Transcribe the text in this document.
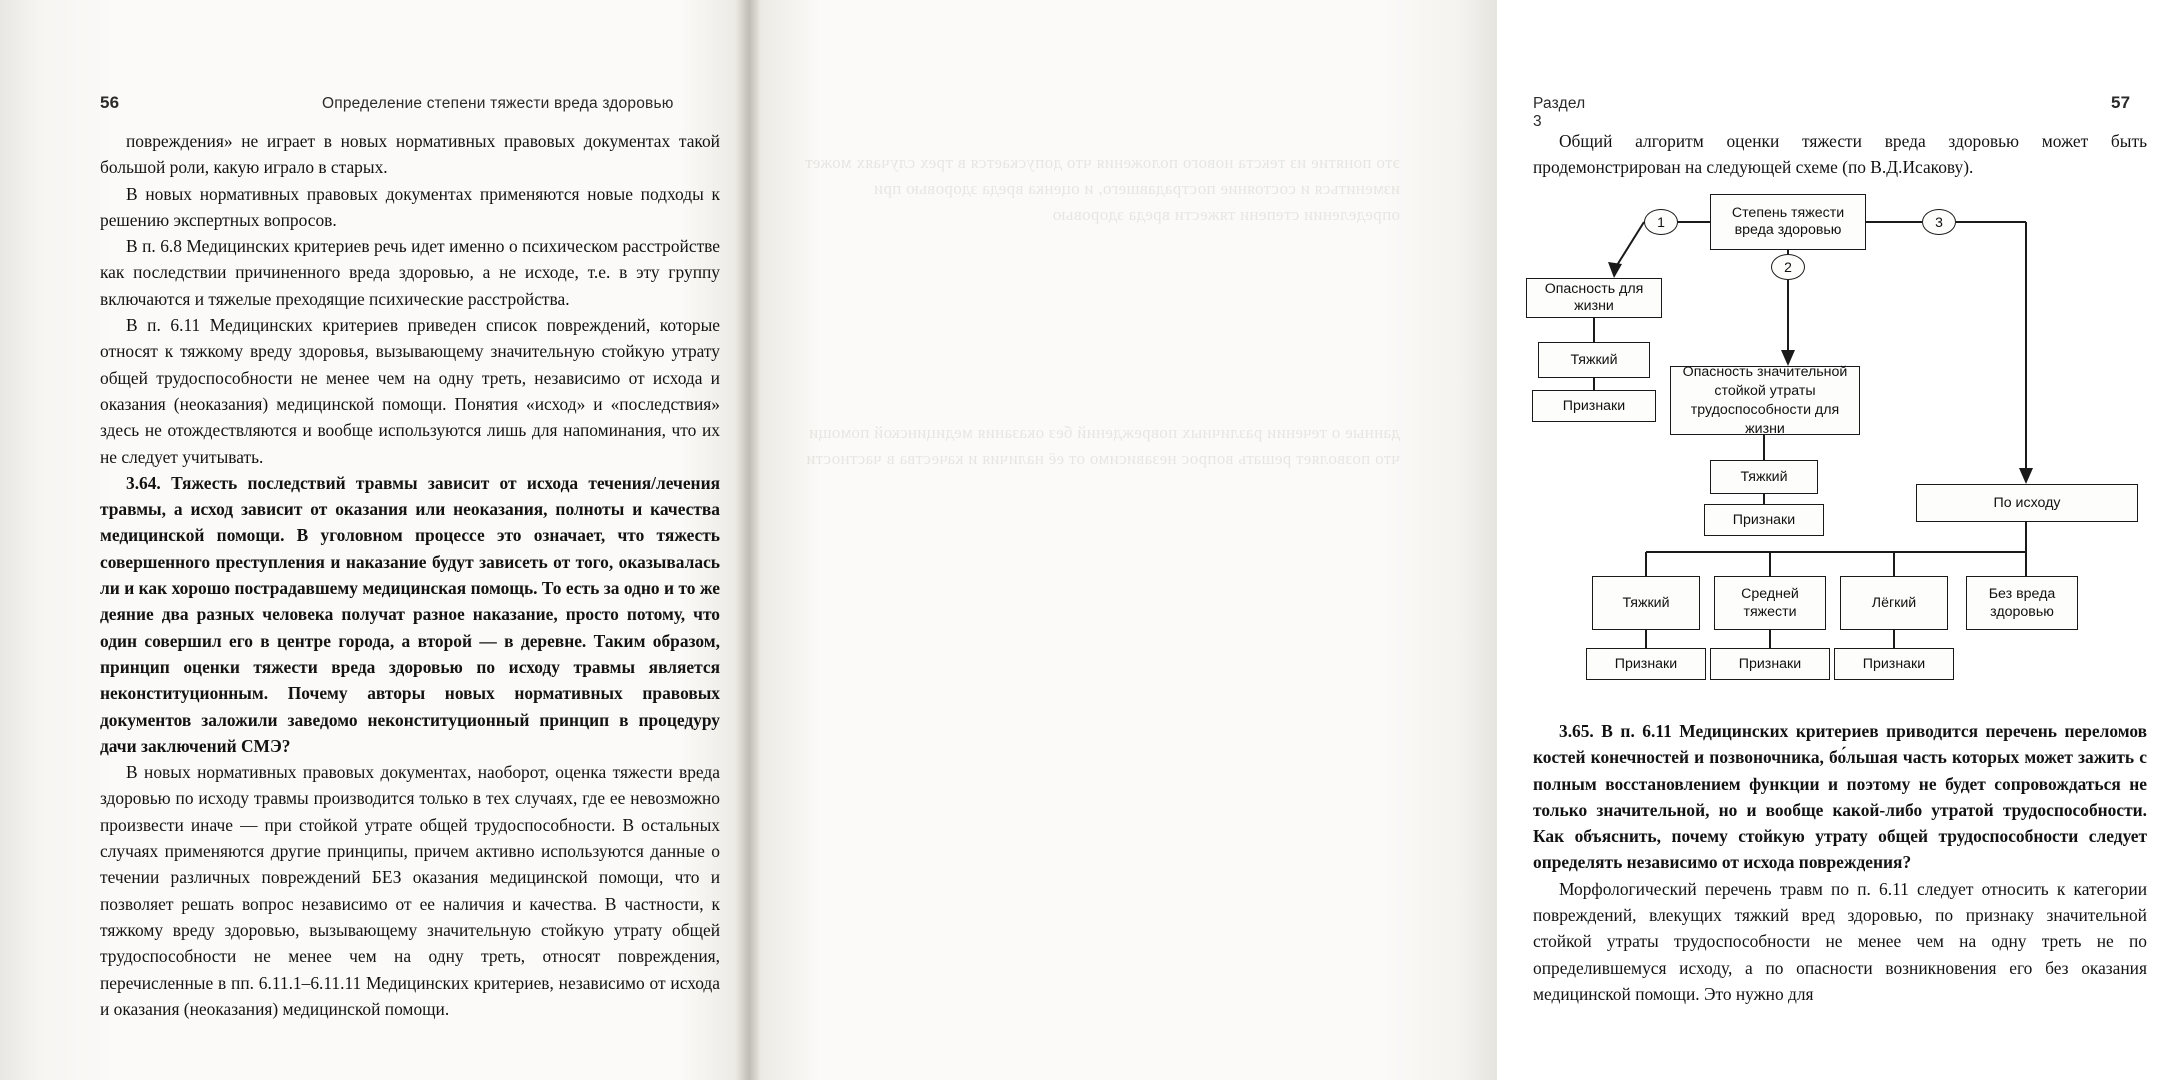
56	Определение степени тяжести вреда здоровью

повреждения» не играет в новых нормативных правовых документах такой большой роли, какую играло в старых.

В новых нормативных правовых документах применяются новые подходы к решению экспертных вопросов.

В п. 6.8 Медицинских критериев речь идет именно о психическом расстройстве как последствии причиненного вреда здоровью, а не исходе, т.е. в эту группу включаются и тяжелые преходящие психические расстройства.

В п. 6.11 Медицинских критериев приведен список повреждений, которые относят к тяжкому вреду здоровья, вызывающему значительную стойкую утрату общей трудоспособности не менее чем на одну треть, независимо от исхода и оказания (неоказания) медицинской помощи. Понятия «исход» и «последствия» здесь не отождествляются и вообще используются лишь для напоминания, что их не следует учитывать.

3.64. Тяжесть последствий травмы зависит от исхода течения/лечения травмы, а исход зависит от оказания или неоказания, полноты и качества медицинской помощи. В уголовном процессе это означает, что тяжесть совершенного преступления и наказание будут зависеть от того, оказывалась ли и как хорошо пострадавшему медицинская помощь. То есть за одно и то же деяние два разных человека получат разное наказание, просто потому, что один совершил его в центре города, а второй — в деревне. Таким образом, принцип оценки тяжести вреда здоровью по исходу травмы является неконституционным. Почему авторы новых нормативных правовых документов заложили заведомо неконституционный принцип в процедуру дачи заключений СМЭ?

В новых нормативных правовых документах, наоборот, оценка тяжести вреда здоровью по исходу травмы производится только в тех случаях, где ее невозможно произвести иначе — при стойкой утрате общей трудоспособности. В остальных случаях применяются другие принципы, причем активно используются данные о течении различных повреждений БЕЗ оказания медицинской помощи, что и позволяет решать вопрос независимо от ее наличия и качества. В частности, к тяжкому вреду здоровью, вызывающему значительную стойкую утрату общей трудоспособности не менее чем на одну треть, относят повреждения, перечисленные в пп. 6.11.1–6.11.11 Медицинских критериев, независимо от исхода и оказания (неоказания) медицинской помощи.

Раздел 3
57

Общий алгоритм оценки тяжести вреда здоровью может быть продемонстрирован на следующей схеме (по В.Д.Исакову).

Степень тяжести вреда здоровью
1
2
3
Опасность для жизни
Тяжкий
Признаки
Опасность значительной стойкой утраты трудоспособности для жизни
Тяжкий
Признаки
По исходу
Тяжкий
Средней тяжести
Лёгкий
Без вреда здоровью
Признаки	Признаки	Признаки

3.65. В п. 6.11 Медицинских критериев приводится перечень переломов костей конечностей и позвоночника, бо́льшая часть которых может зажить с полным восстановлением функции и поэтому не будет сопровождаться не только значительной, но и вообще какой-либо утратой трудоспособности. Как объяснить, почему стойкую утрату общей трудоспособности следует определять независимо от исхода повреждения?

Морфологический перечень травм по п. 6.11 следует относить к категории повреждений, влекущих тяжкий вред здоровью, по признаку значительной стойкой утраты трудоспособности не менее чем на одну треть не по определившемуся исходу, а по опасности возникновения его без оказания медицинской помощи. Это нужно для
